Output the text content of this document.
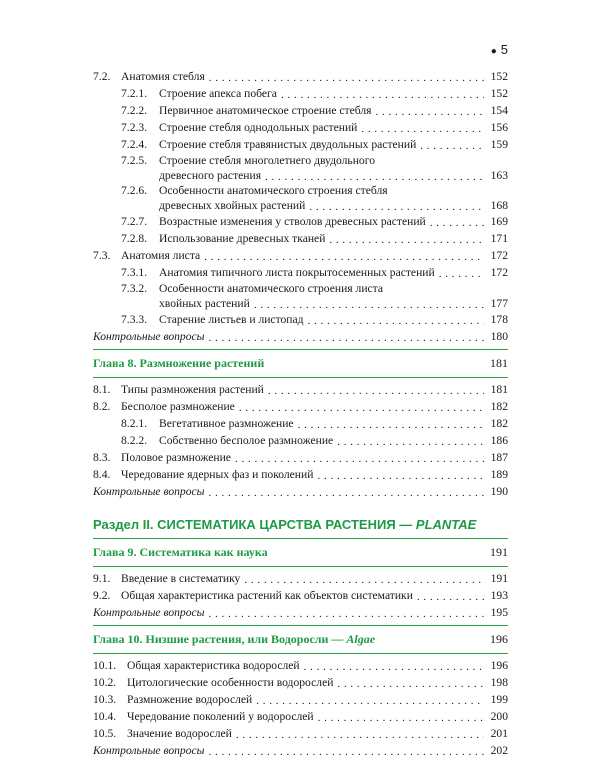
● 5
7.2. Анатомия стебля . . .	152
7.2.1.	Строение апекса побега . . .	152
7.2.2.	Первичное анатомическое строение стебля . . .	154
7.2.3.	Строение стебля однодольных растений . . .	156
7.2.4.	Строение стебля травянистых двудольных растений . . .	159
7.2.5. Строение стебля многолетнего двудольного
древесного растения . . .	163
7.2.6. Особенности анатомического строения стебля
древесных хвойных растений . . .	168
7.2.7.	Возрастные изменения у стволов древесных растений . . .	169
7.2.8.	Использование древесных тканей . . .	171
7.3. Анатомия листа . . .	172
7.3.1.	Анатомия типичного листа покрытосеменных растений . . .	172
7.3.2. Особенности анатомического строения листа
хвойных растений . . .	177
7.3.3.	Старение листьев и листопад . . .	178
Контрольные вопросы . . .	180
Глава 8. Размножение растений . . .	181
8.1. Типы размножения растений . . .	181
8.2. Бесполое размножение . . .	182
8.2.1.	Вегетативное размножение . . .	182
8.2.2.	Собственно бесполое размножение . . .	186
8.3. Половое размножение . . .	187
8.4. Чередование ядерных фаз и поколений . . .	189
Контрольные вопросы . . .	190
Раздел II. СИСТЕМАТИКА ЦАРСТВА РАСТЕНИЯ — PLANTAE
Глава 9. Систематика как наука . . .	191
9.1. Введение в систематику . . .	191
9.2. Общая характеристика растений как объектов систематики . . .	193
Контрольные вопросы . . .	195
Глава 10. Низшие растения, или Водоросли — Algae . . .	196
10.1. Общая характеристика водорослей . . .	196
10.2. Цитологические особенности водорослей . . .	198
10.3. Размножение водорослей . . .	199
10.4. Чередование поколений у водорослей . . .	200
10.5. Значение водорослей . . .	201
Контрольные вопросы . . .	202
